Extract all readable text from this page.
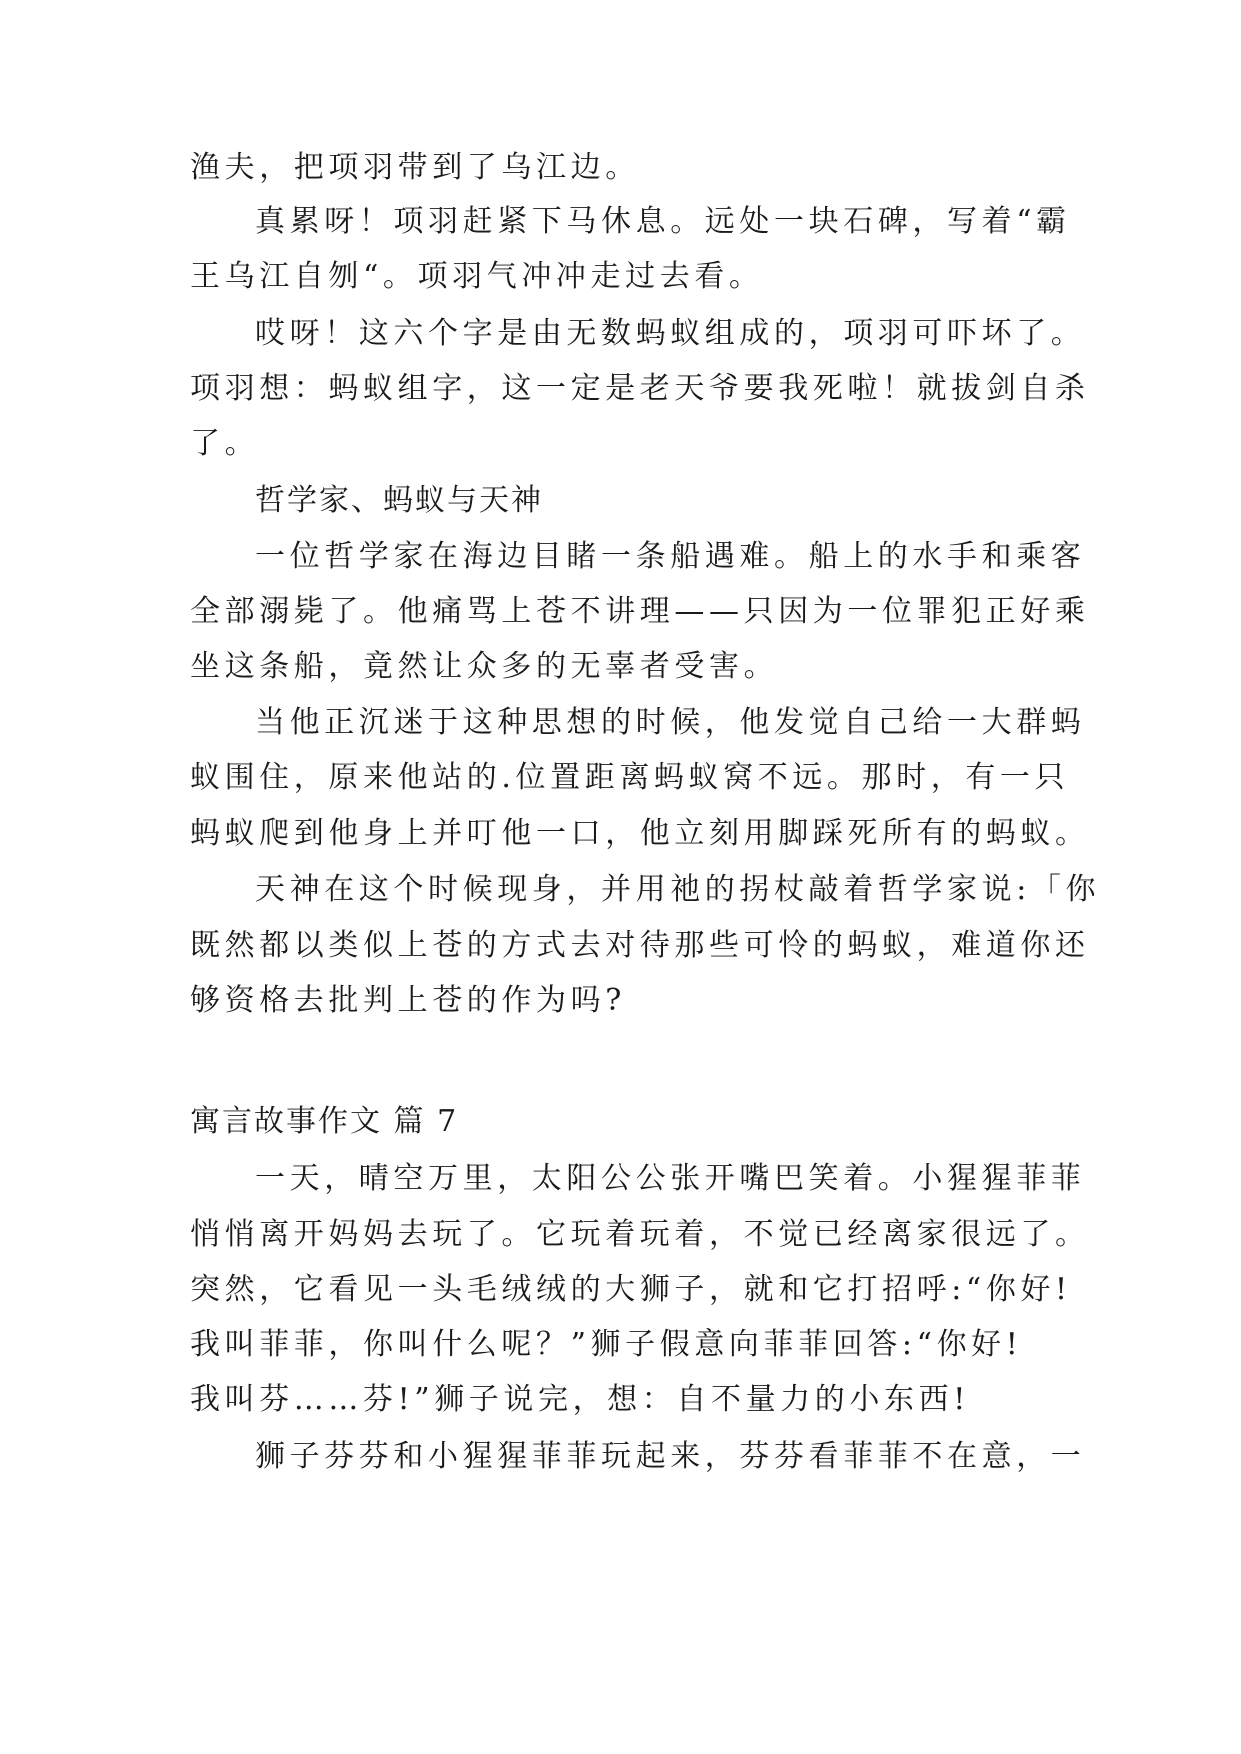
渔夫，把项羽带到了乌江边。
真累呀！项羽赶紧下马休息。远处一块石碑，写着“霸
王乌江自刎“。项羽气冲冲走过去看。
哎呀！这六个字是由无数蚂蚁组成的，项羽可吓坏了。
项羽想：蚂蚁组字，这一定是老天爷要我死啦！就拔剑自杀
了。
哲学家、蚂蚁与天神
一位哲学家在海边目睹一条船遇难。船上的水手和乘客
全部溺毙了。他痛骂上苍不讲理——只因为一位罪犯正好乘
坐这条船，竟然让众多的无辜者受害。
当他正沉迷于这种思想的时候，他发觉自己给一大群蚂
蚁围住，原来他站的.位置距离蚂蚁窝不远。那时，有一只
蚂蚁爬到他身上并叮他一口，他立刻用脚踩死所有的蚂蚁。
天神在这个时候现身，并用祂的拐杖敲着哲学家说:「你
既然都以类似上苍的方式去对待那些可怜的蚂蚁，难道你还
够资格去批判上苍的作为吗?
寓言故事作文 篇 7
一天，晴空万里，太阳公公张开嘴巴笑着。小猩猩菲菲
悄悄离开妈妈去玩了。它玩着玩着，不觉已经离家很远了。
突然，它看见一头毛绒绒的大狮子，就和它打招呼:“你好!
我叫菲菲，你叫什么呢？”狮子假意向菲菲回答:“你好!
我叫芬……芬!”狮子说完，想：自不量力的小东西!
狮子芬芬和小猩猩菲菲玩起来，芬芬看菲菲不在意，一
